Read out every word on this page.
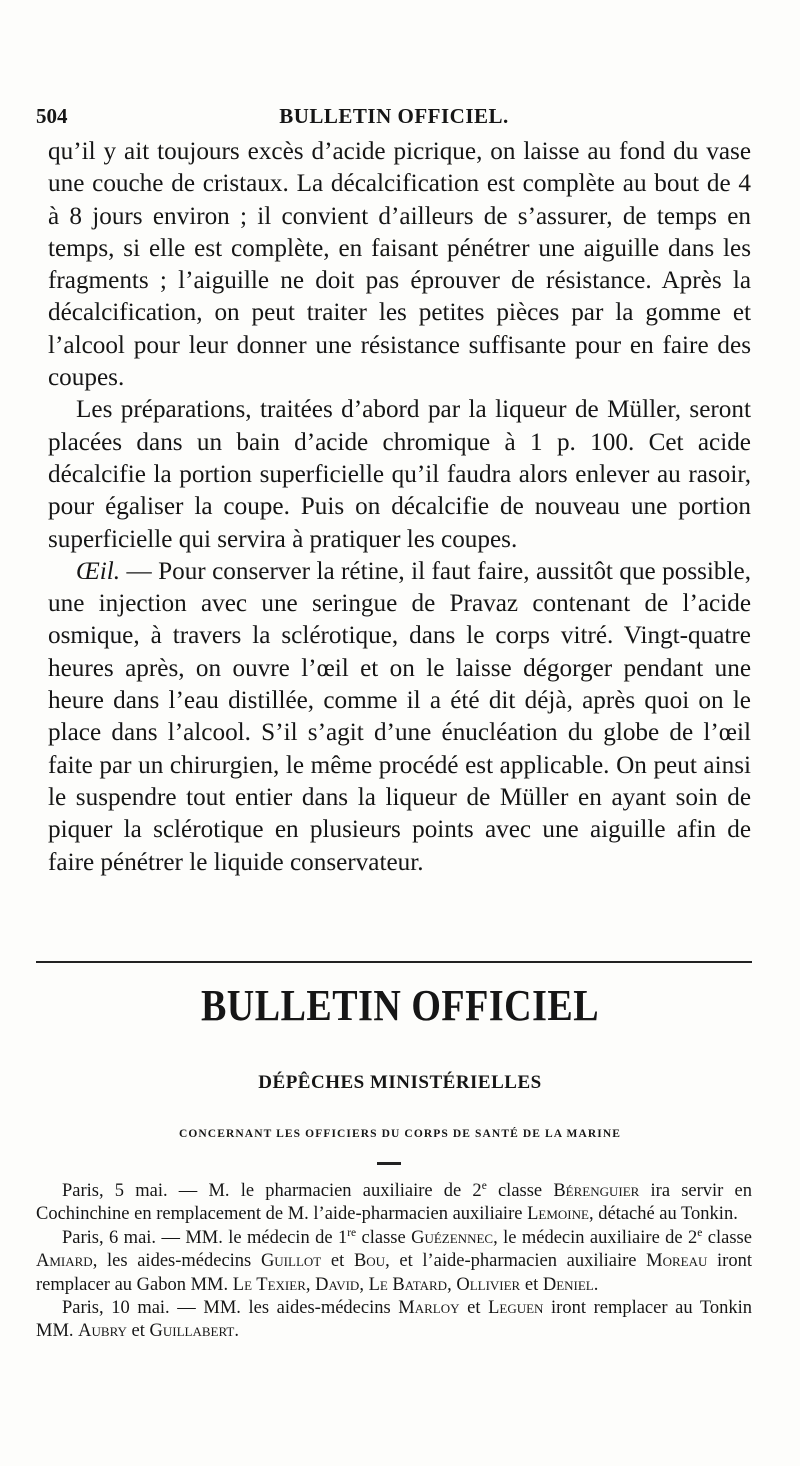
504	BULLETIN OFFICIEL.

qu’il y ait toujours excès d’acide picrique, on laisse au fond du vase une couche de cristaux. La décalcification est complète au bout de 4 à 8 jours environ ; il convient d’ailleurs de s’assurer, de temps en temps, si elle est complète, en faisant pénétrer une aiguille dans les fragments ; l’aiguille ne doit pas éprouver de résistance. Après la décalcification, on peut traiter les petites pièces par la gomme et l’alcool pour leur donner une résistance suffisante pour en faire des coupes.

Les préparations, traitées d’abord par la liqueur de Müller, seront placées dans un bain d’acide chromique à 1 p. 100. Cet acide décalcifie la portion superficielle qu’il faudra alors enlever au rasoir, pour égaliser la coupe. Puis on décalcifie de nouveau une portion superficielle qui servira à pratiquer les coupes.

Œil. — Pour conserver la rétine, il faut faire, aussitôt que possible, une injection avec une seringue de Pravaz contenant de l’acide osmique, à travers la sclérotique, dans le corps vitré. Vingt-quatre heures après, on ouvre l’œil et on le laisse dégorger pendant une heure dans l’eau distillée, comme il a été dit déjà, après quoi on le place dans l’alcool. S’il s’agit d’une énucléation du globe de l’œil faite par un chirurgien, le même procédé est applicable. On peut ainsi le suspendre tout entier dans la liqueur de Müller en ayant soin de piquer la sclérotique en plusieurs points avec une aiguille afin de faire pénétrer le liquide conservateur.

BULLETIN OFFICIEL
DÉPÊCHES MINISTÉRIELLES
CONCERNANT LES OFFICIERS DU CORPS DE SANTÉ DE LA MARINE

Paris, 5 mai. — M. le pharmacien auxiliaire de 2e classe Bérenguier ira servir en Cochinchine en remplacement de M. l’aide-pharmacien auxiliaire Lemoine, détaché au Tonkin.

Paris, 6 mai. — MM. le médecin de 1re classe Guézennec, le médecin auxiliaire de 2e classe Amiard, les aides-médecins Guillot et Bou, et l’aide-pharmacien auxiliaire Moreau iront remplacer au Gabon MM. Le Texier, David, Le Batard, Ollivier et Deniel.

Paris, 10 mai. — MM. les aides-médecins Marloy et Leguen iront remplacer au Tonkin MM. Aubry et Guillabert.
